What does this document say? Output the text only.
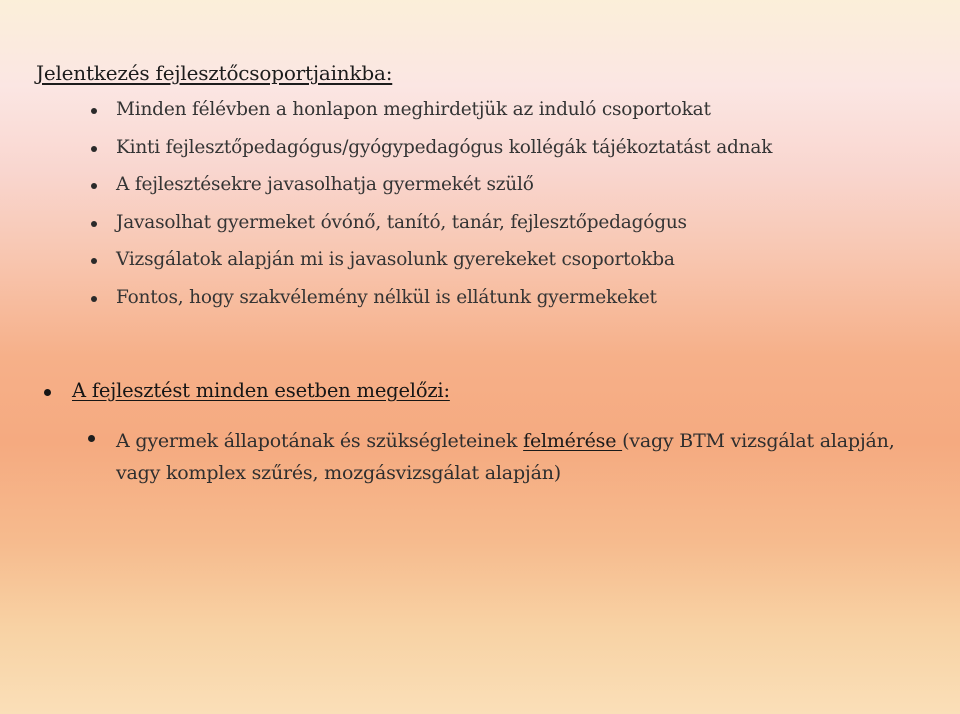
Jelentkezés fejlesztőcsoportjainkba:
Minden félévben a honlapon meghirdetjük az induló csoportokat
Kinti fejlesztőpedagógus/gyógypedagógus kollégák tájékoztatást adnak
A fejlesztésekre javasolhatja gyermekét szülő
Javasolhat gyermeket óvónő, tanító, tanár, fejlesztőpedagógus
Vizsgálatok alapján mi is javasolunk gyerekeket csoportokba
Fontos, hogy szakvélemény nélkül is ellátunk gyermekeket
A fejlesztést minden esetben megelőzi:
A gyermek állapotának és szükségleteinek felmérése (vagy BTM vizsgálat alapján, vagy komplex szűrés, mozgásvizsgálat alapján)
